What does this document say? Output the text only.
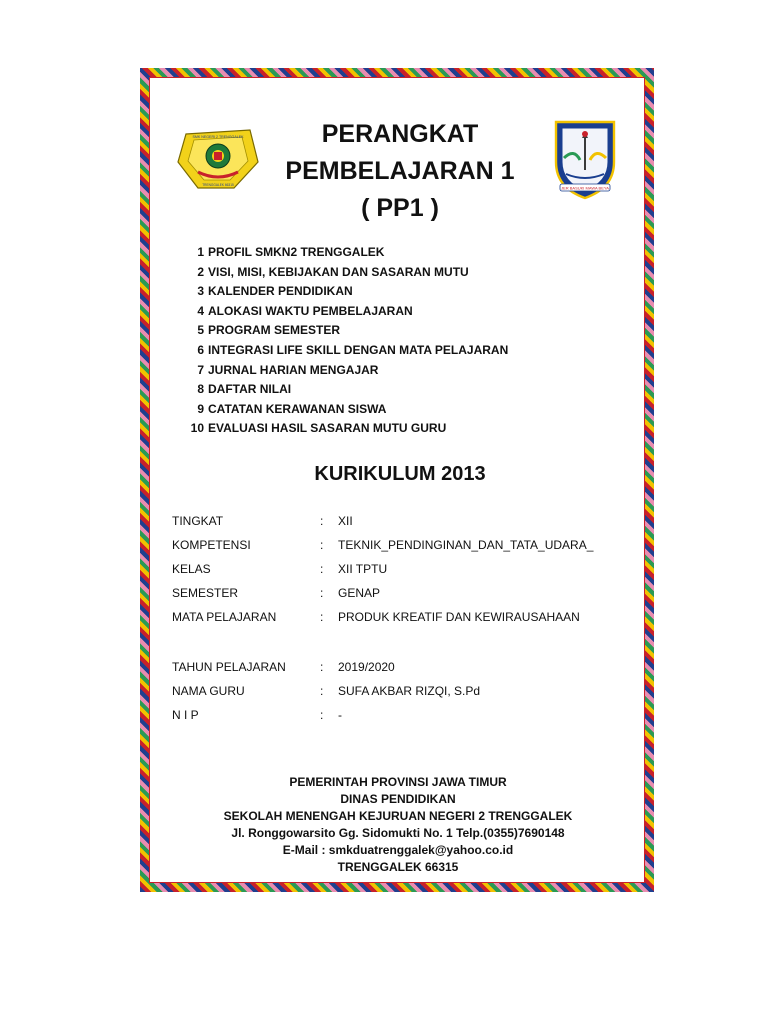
SMK NEGERI 2 TRENGGALEK
TRENGGALEK 66315
JER BASUKI MAWA BEYA
PERANGKAT
PEMBELAJARAN 1
( PP1 )
1 PROFIL SMKN2 TRENGGALEK
2 VISI, MISI, KEBIJAKAN DAN SASARAN MUTU
3 KALENDER PENDIDIKAN
4 ALOKASI WAKTU PEMBELAJARAN
5 PROGRAM SEMESTER
6 INTEGRASI LIFE SKILL DENGAN MATA PELAJARAN
7 JURNAL HARIAN MENGAJAR
8 DAFTAR NILAI
9 CATATAN KERAWANAN SISWA
10 EVALUASI HASIL SASARAN MUTU GURU
KURIKULUM 2013
TINGKAT	: XII
KOMPETENSI	: TEKNIK_PENDINGINAN_DAN_TATA_UDARA_
KELAS	: XII TPTU
SEMESTER	: GENAP
MATA PELAJARAN	: PRODUK KREATIF DAN KEWIRAUSAHAAN
TAHUN PELAJARAN	: 2019/2020
NAMA GURU	: SUFA AKBAR RIZQI, S.Pd
N I P	: -
PEMERINTAH PROVINSI JAWA TIMUR
DINAS PENDIDIKAN
SEKOLAH MENENGAH KEJURUAN NEGERI 2 TRENGGALEK
Jl. Ronggowarsito Gg. Sidomukti No. 1 Telp.(0355)7690148
E-Mail : smkduatrenggalek@yahoo.co.id
TRENGGALEK 66315
